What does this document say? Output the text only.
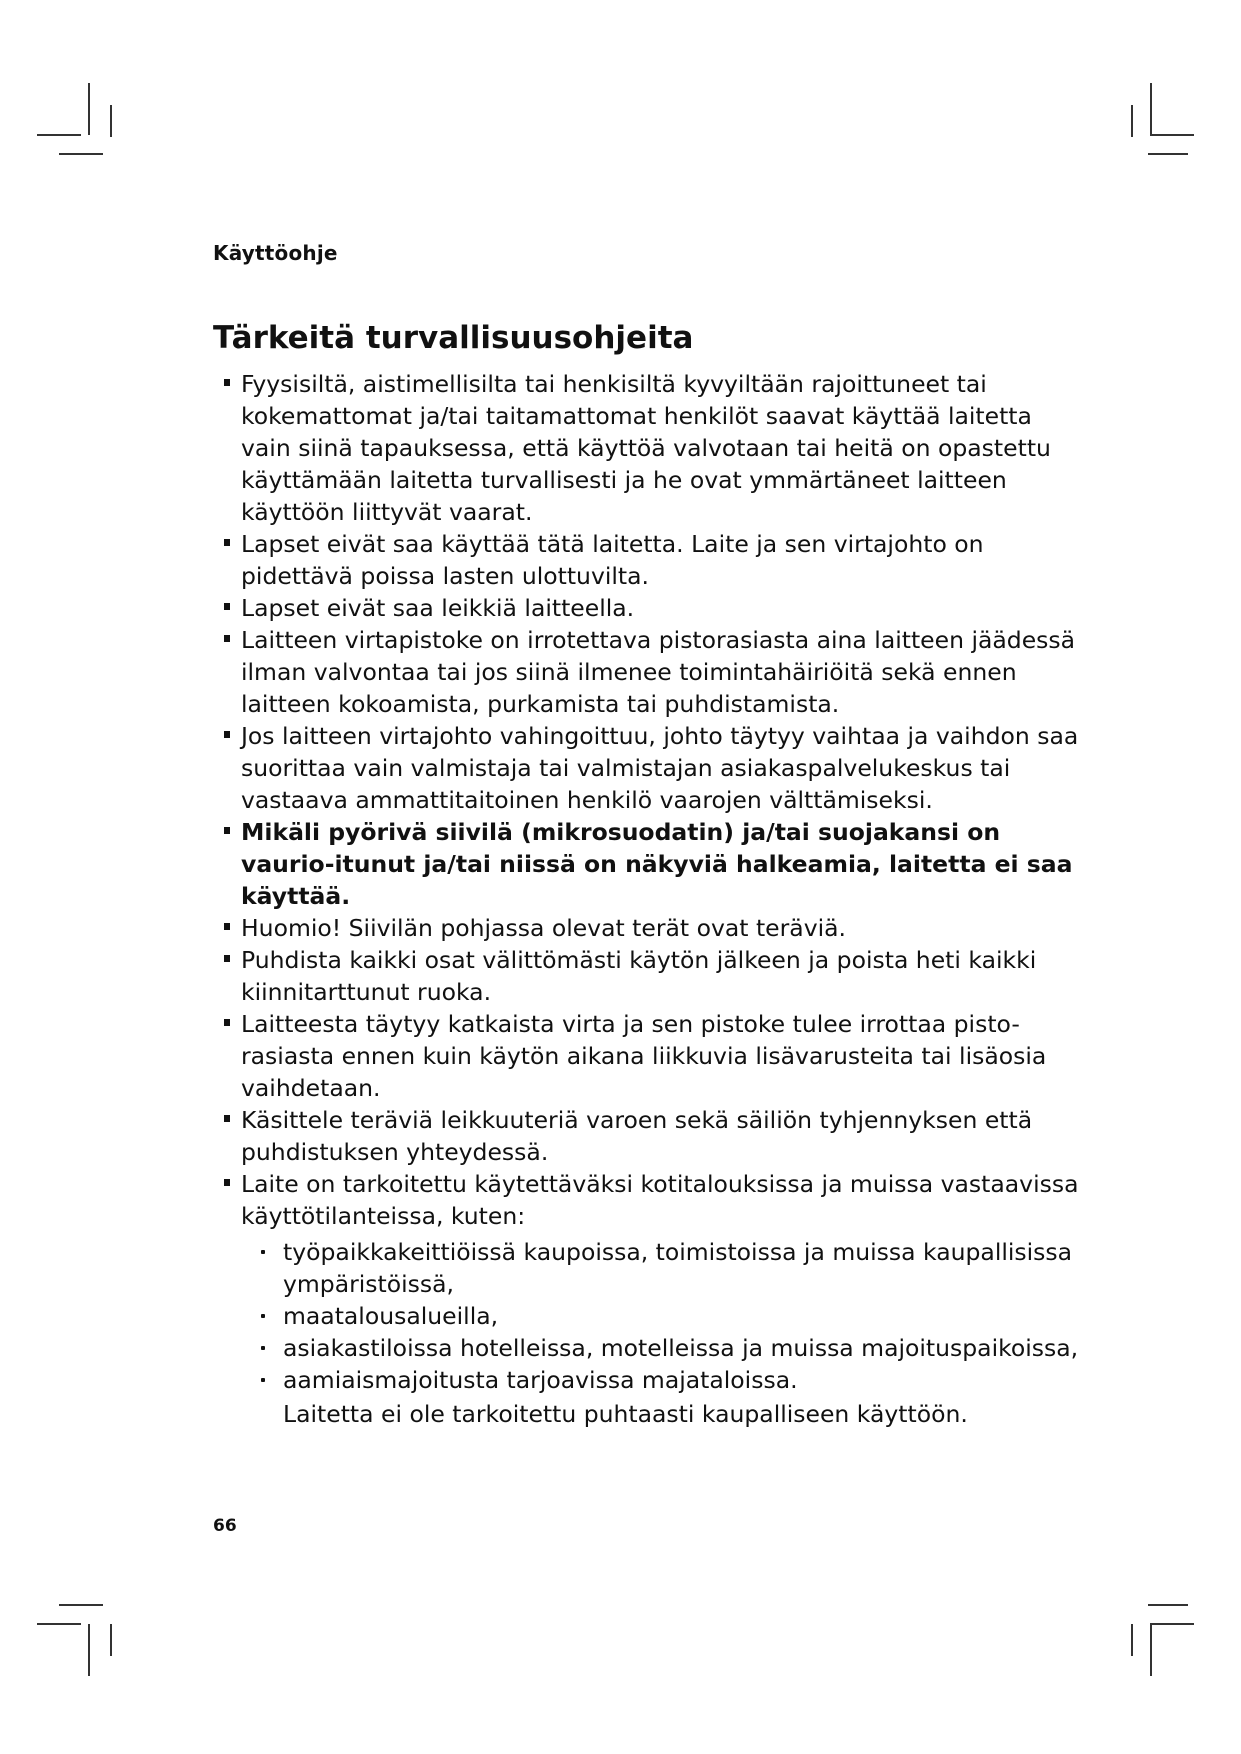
Käyttöohje
Tärkeitä turvallisuusohjeita
Fyysisiltä, aistimellisilta tai henkisiltä kyvyiltään rajoittuneet tai kokemattomat ja/tai taitamattomat henkilöt saavat käyttää laitetta vain siinä tapauksessa, että käyttöä valvotaan tai heitä on opastettu käyttämään laitetta turvallisesti ja he ovat ymmärtäneet laitteen käyttöön liittyvät vaarat.
Lapset eivät saa käyttää tätä laitetta. Laite ja sen virtajohto on pidettävä poissa lasten ulottuvilta.
Lapset eivät saa leikkiä laitteella.
Laitteen virtapistoke on irrotettava pistorasiasta aina laitteen jäädessä ilman valvontaa tai jos siinä ilmenee toimintahäiriöitä sekä ennen laitteen kokoamista, purkamista tai puhdistamista.
Jos laitteen virtajohto vahingoittuu, johto täytyy vaihtaa ja vaihdon saa suorittaa vain valmistaja tai valmistajan asiakaspalvelukeskus tai vastaava ammattitaitoinen henkilö vaarojen välttämiseksi.
Mikäli pyörivä siivilä (mikrosuodatin) ja/tai suojakansi on vaurio-itunut ja/tai niissä on näkyviä halkeamia, laitetta ei saa käyttää.
Huomio! Siivilän pohjassa olevat terät ovat teräviä.
Puhdista kaikki osat välittömästi käytön jälkeen ja poista heti kaikki kiinnitarttunut ruoka.
Laitteesta täytyy katkaista virta ja sen pistoke tulee irrottaa pisto-rasiasta ennen kuin käytön aikana liikkuvia lisävarusteita tai lisäosia vaihdetaan.
Käsittele teräviä leikkuuteriä varoen sekä säiliön tyhjennyksen että puhdistuksen yhteydessä.
Laite on tarkoitettu käytettäväksi kotitalouksissa ja muissa vastaavissa käyttötilanteissa, kuten:
työpaikkakeittiöissä kaupoissa, toimistoissa ja muissa kaupallisissa ympäristöissä,
maatalousalueilla,
asiakastiloissa hotelleissa, motelleissa ja muissa majoituspaikoissa,
aamiaismajoitusta tarjoavissa majataloissa.
Laitetta ei ole tarkoitettu puhtaasti kaupalliseen käyttöön.
66
